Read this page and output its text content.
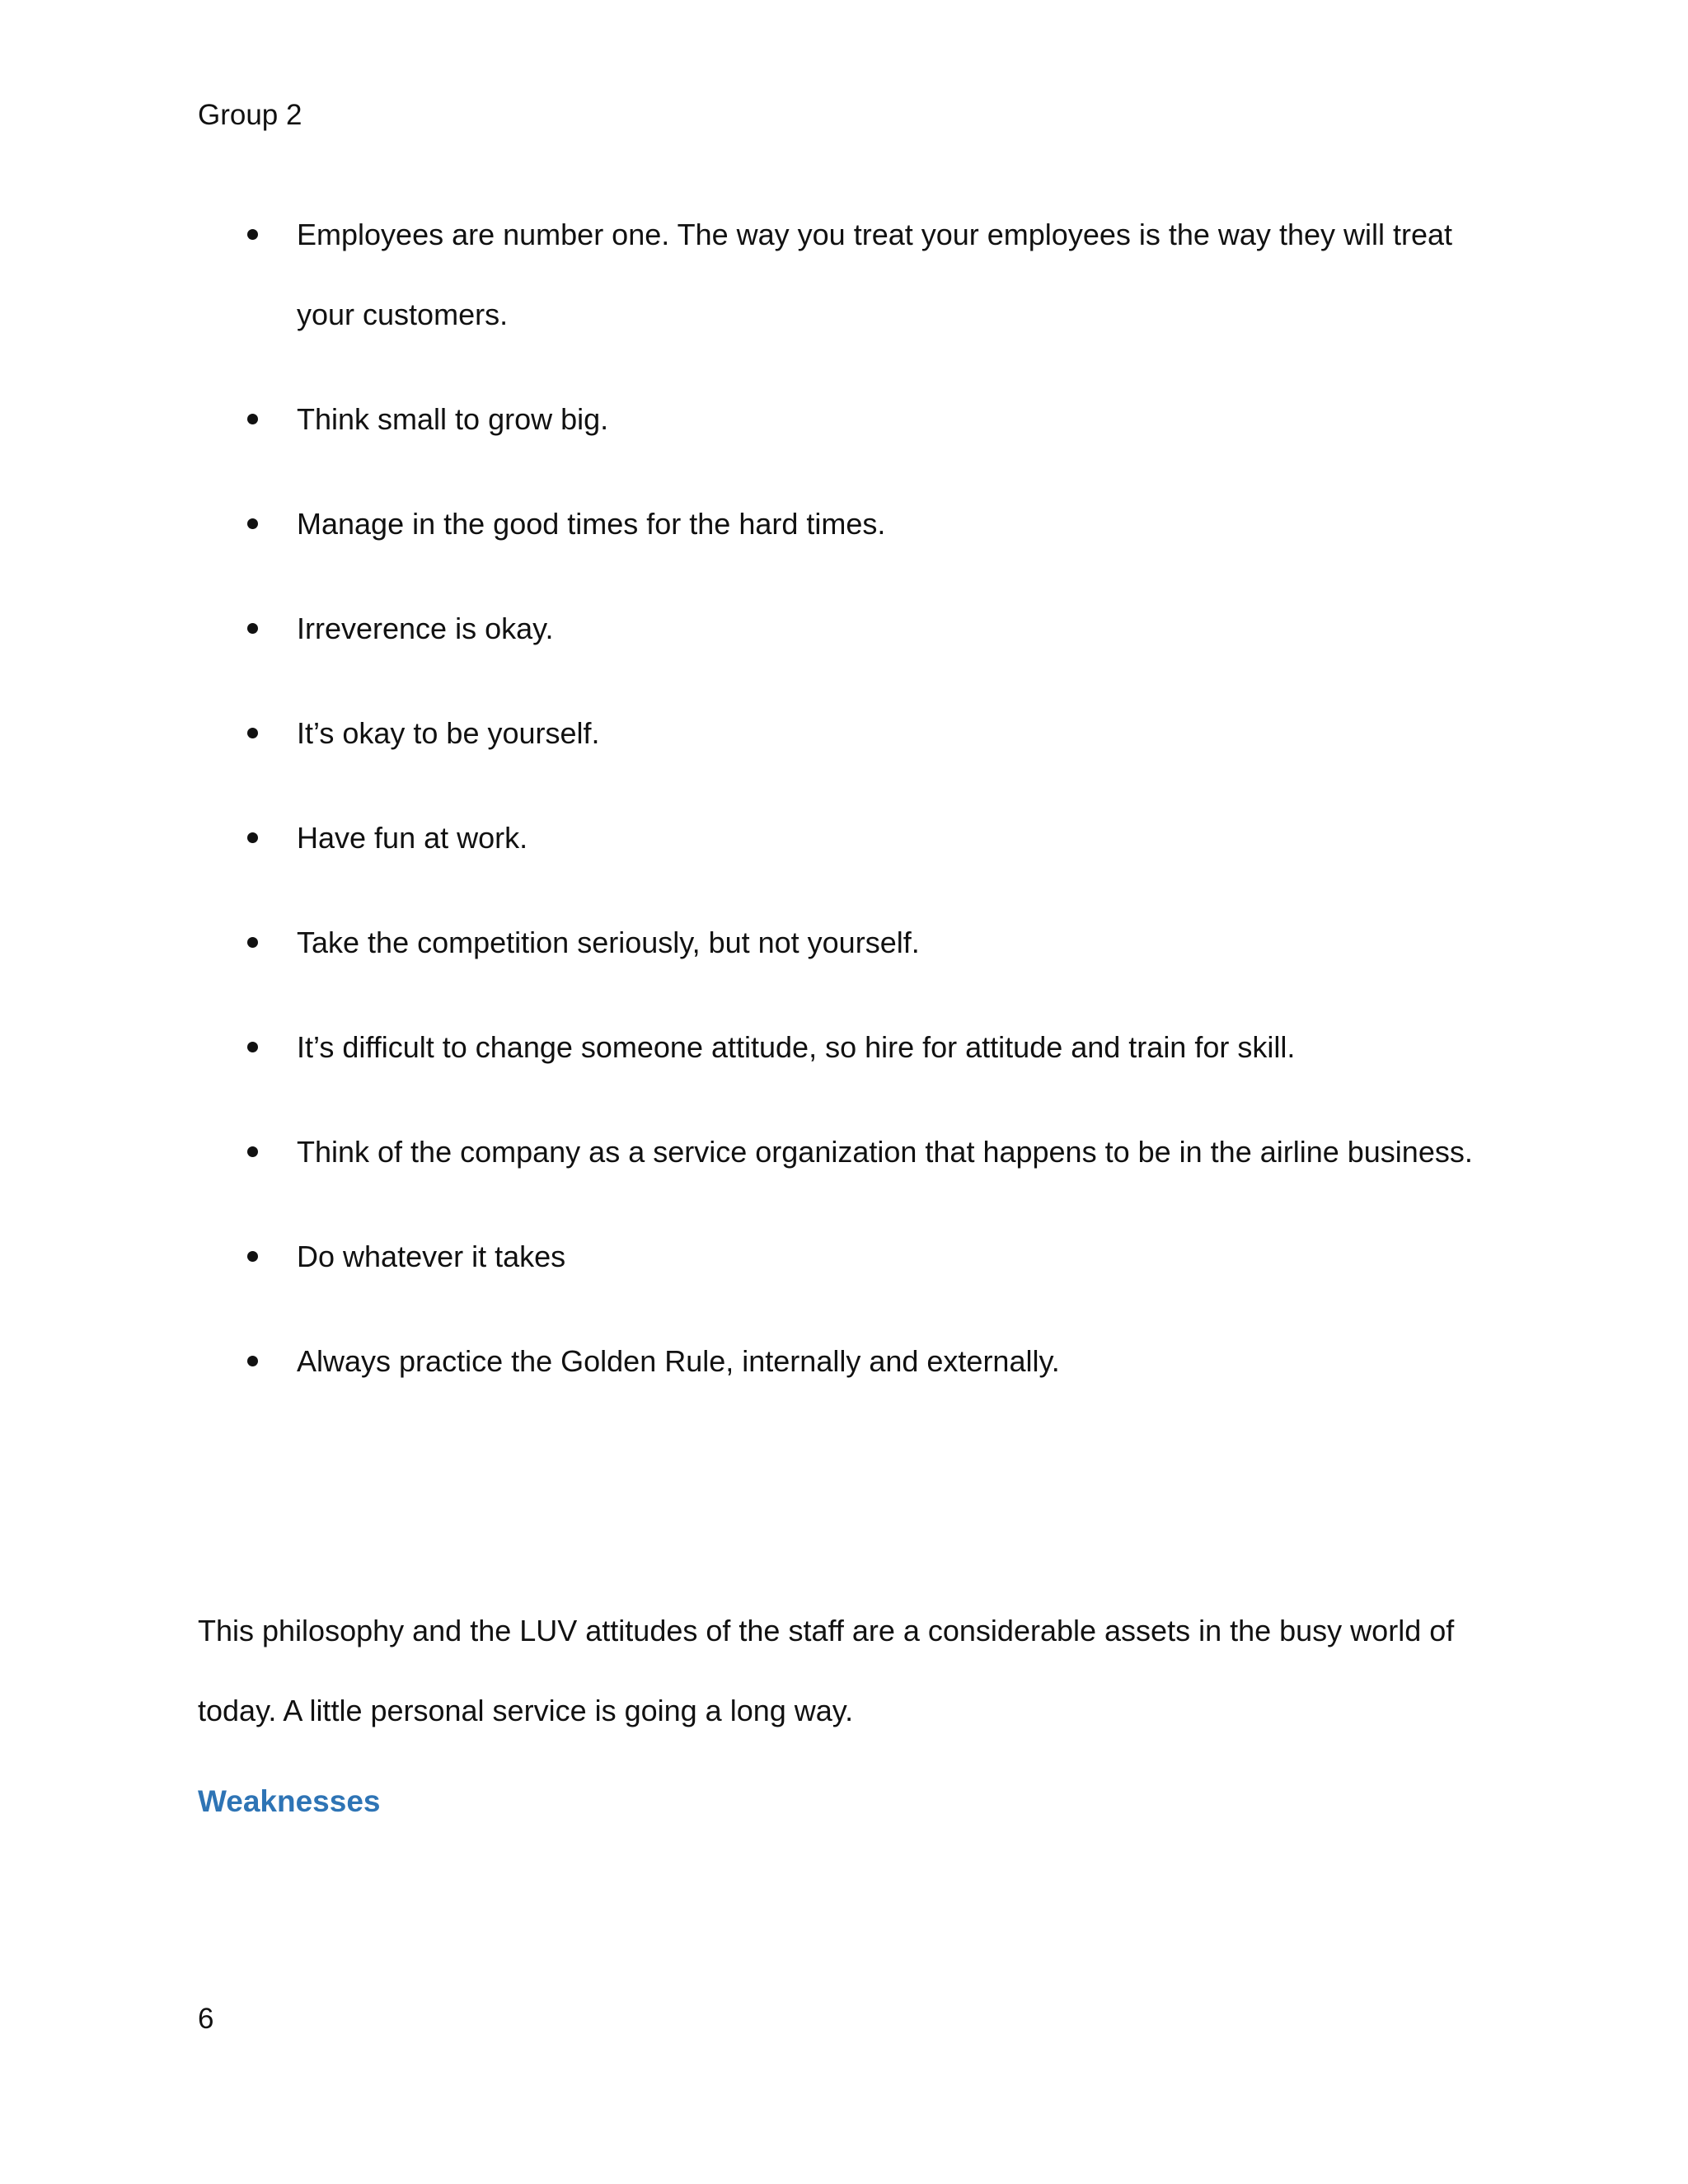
Group 2
Employees are number one. The way you treat your employees is the way they will treat your customers.
Think small to grow big.
Manage in the good times for the hard times.
Irreverence is okay.
It’s okay to be yourself.
Have fun at work.
Take the competition seriously, but not yourself.
It’s difficult to change someone attitude, so hire for attitude and train for skill.
Think of the company as a service organization that happens to be in the airline business.
Do whatever it takes
Always practice the Golden Rule, internally and externally.

This philosophy and the LUV attitudes of the staff are a considerable assets in the busy world of today. A little personal service is going a long way.

Weaknesses
6
